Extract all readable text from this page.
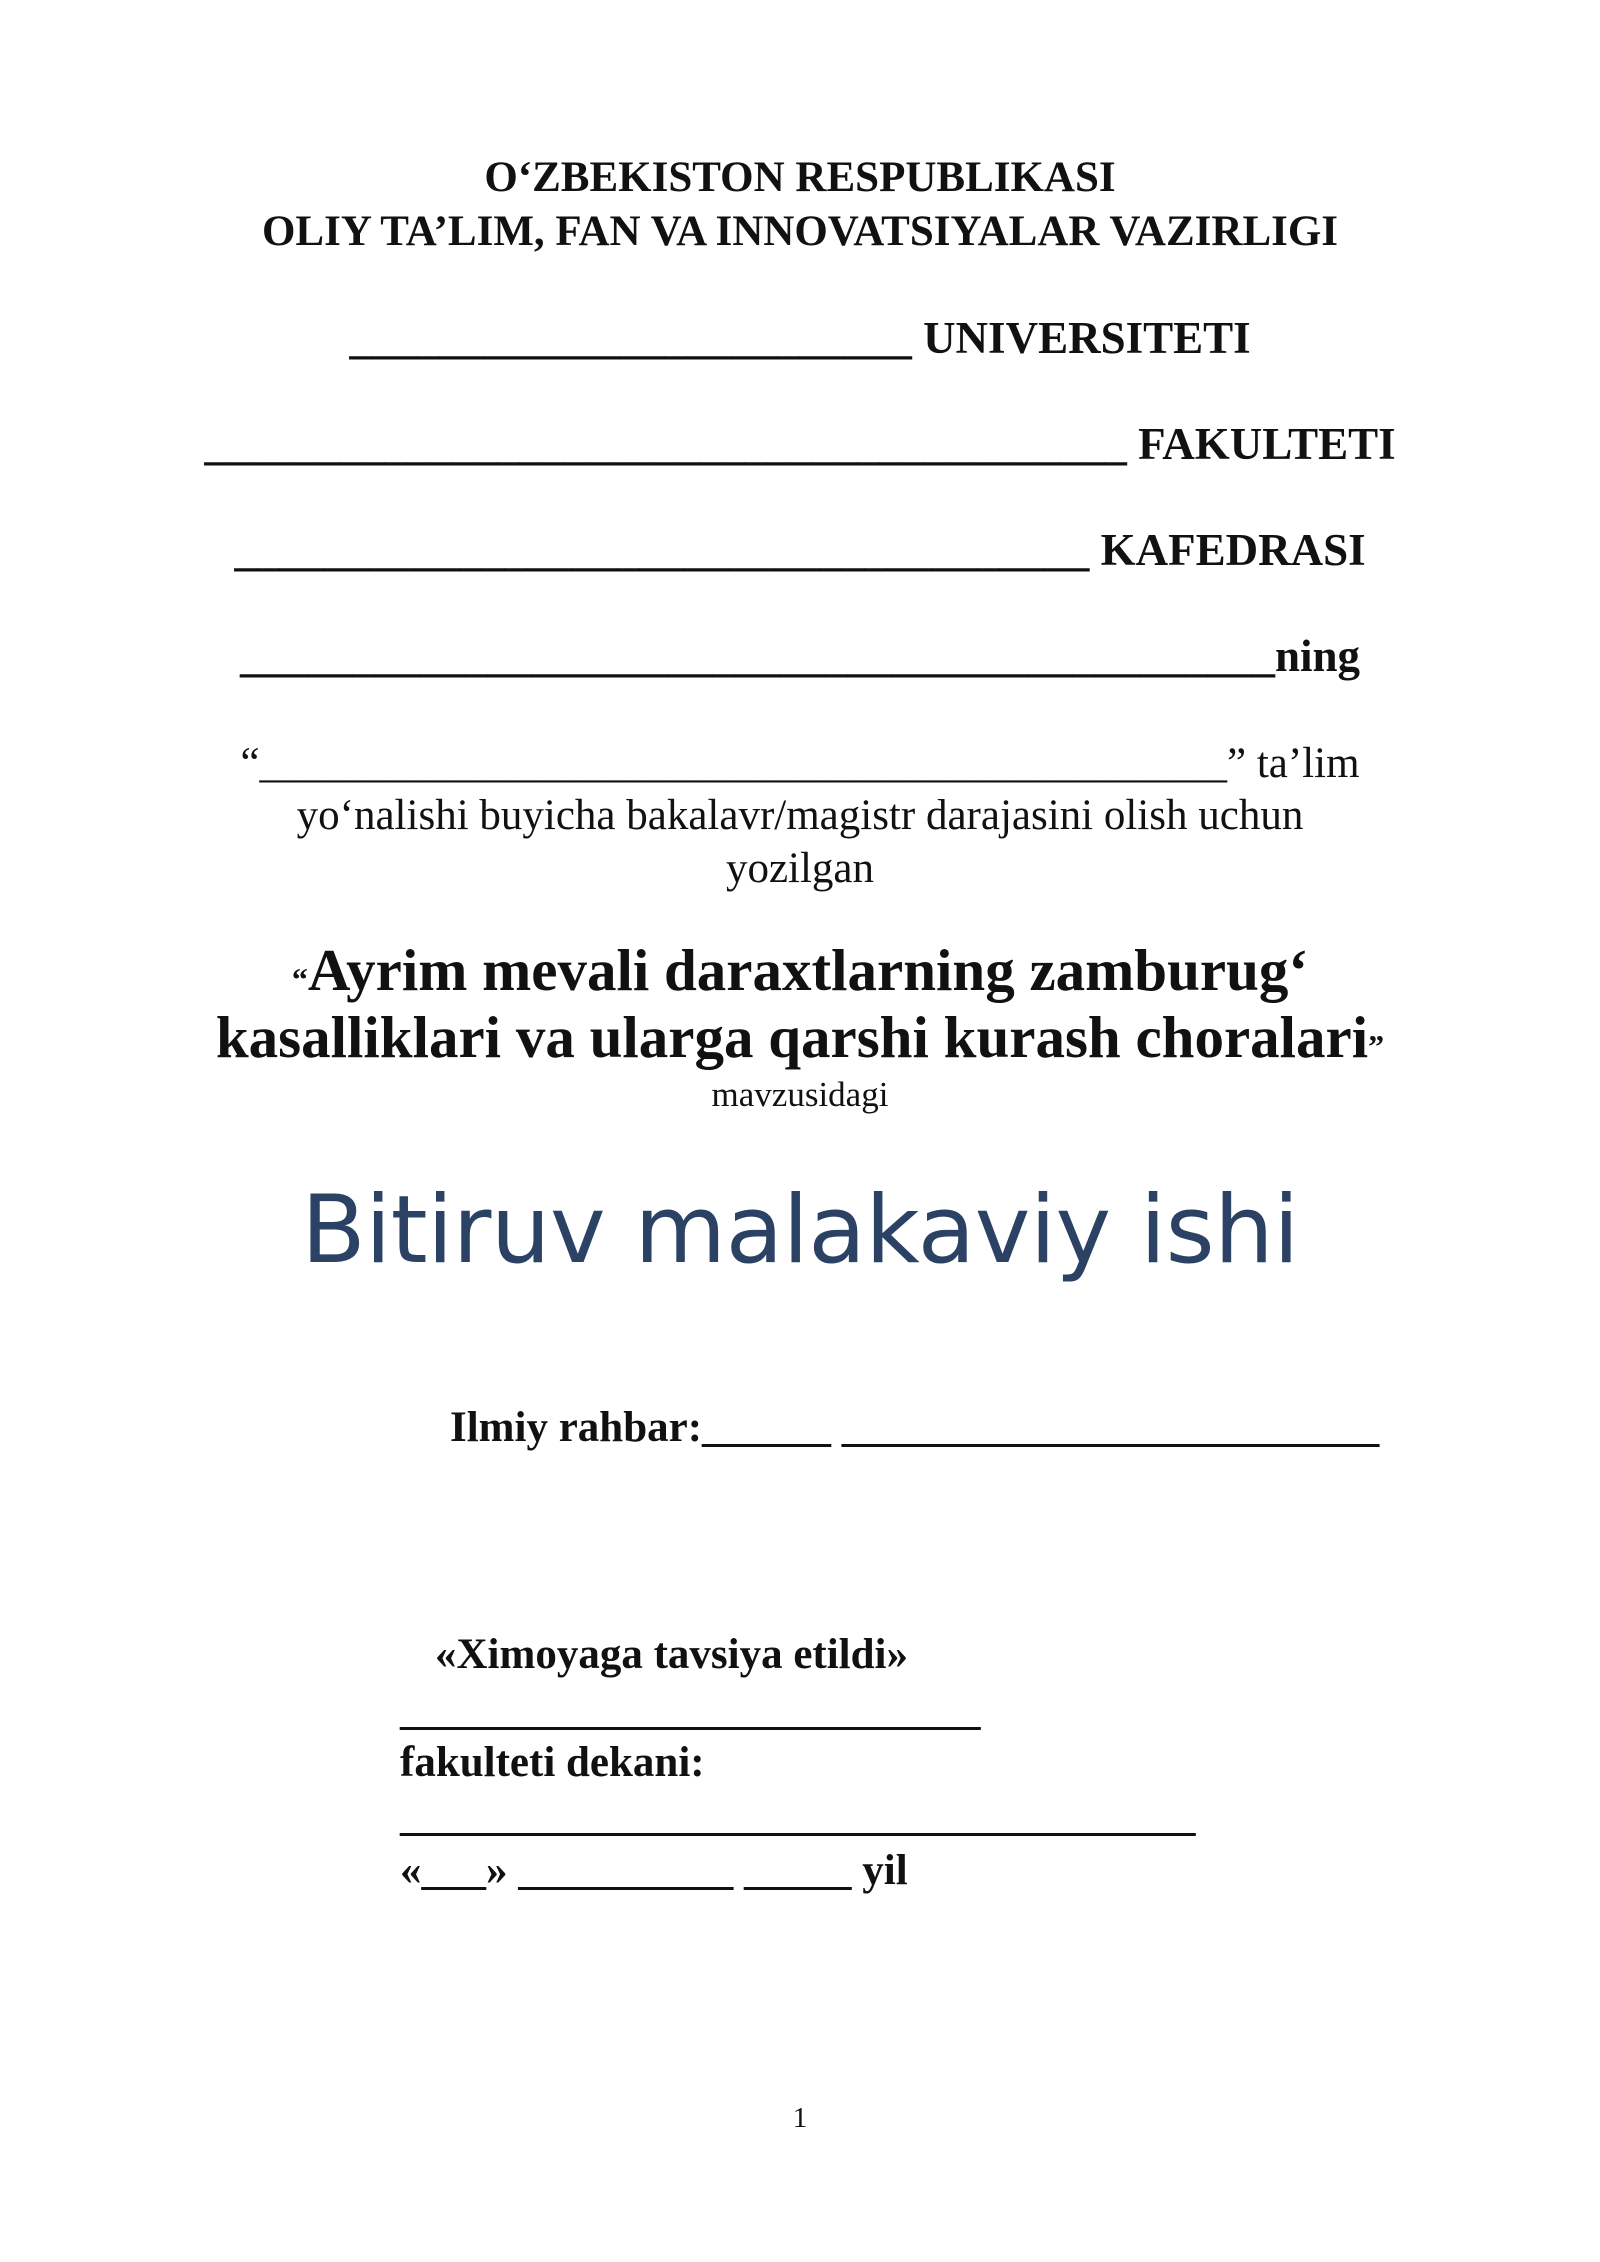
O‘ZBEKISTON RESPUBLIKASI
OLIY TA’LIM, FAN VA INNOVATSIYALAR VAZIRLIGI
_________________________ UNIVERSITETI
_________________________________________ FAKULTETI
______________________________________ KAFEDRASI
______________________________________________ning
“_____________________________________________” ta’lim
yo‘nalishi buyicha bakalavr/magistr darajasini olish uchun
yozilgan
“Ayrim mevali daraxtlarning zamburug‘
kasalliklari va ularga qarshi kurash choralari”
mavzusidagi
Bitiruv malakaviy ishi
Ilmiy rahbar:______ _________________________
«Ximoyaga tavsiya etildi»
___________________________
fakulteti dekani:
_____________________________________
«___» __________ _____ yil
1
